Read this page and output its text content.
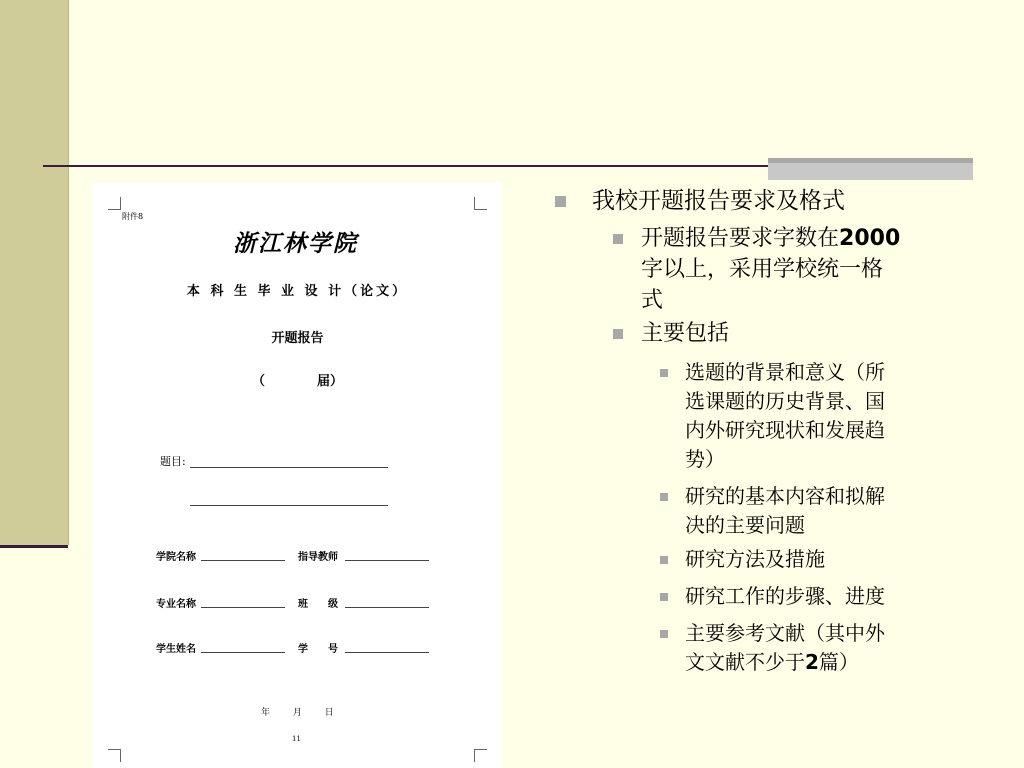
附件8
浙江林学院
本 科 生 毕 业 设 计（论文）
开题报告
（　　　　届）
题目:
学院名称	指导教师
专业名称	班　　级
学生姓名	学　　号
年 月 日
11
我校开题报告要求及格式
开题报告要求字数在2000
字以上，采用学校统一格
式
主要包括
选题的背景和意义（所
选课题的历史背景、国
内外研究现状和发展趋
势）
研究的基本内容和拟解
决的主要问题
研究方法及措施
研究工作的步骤、进度
主要参考文献（其中外
文文献不少于2篇）
